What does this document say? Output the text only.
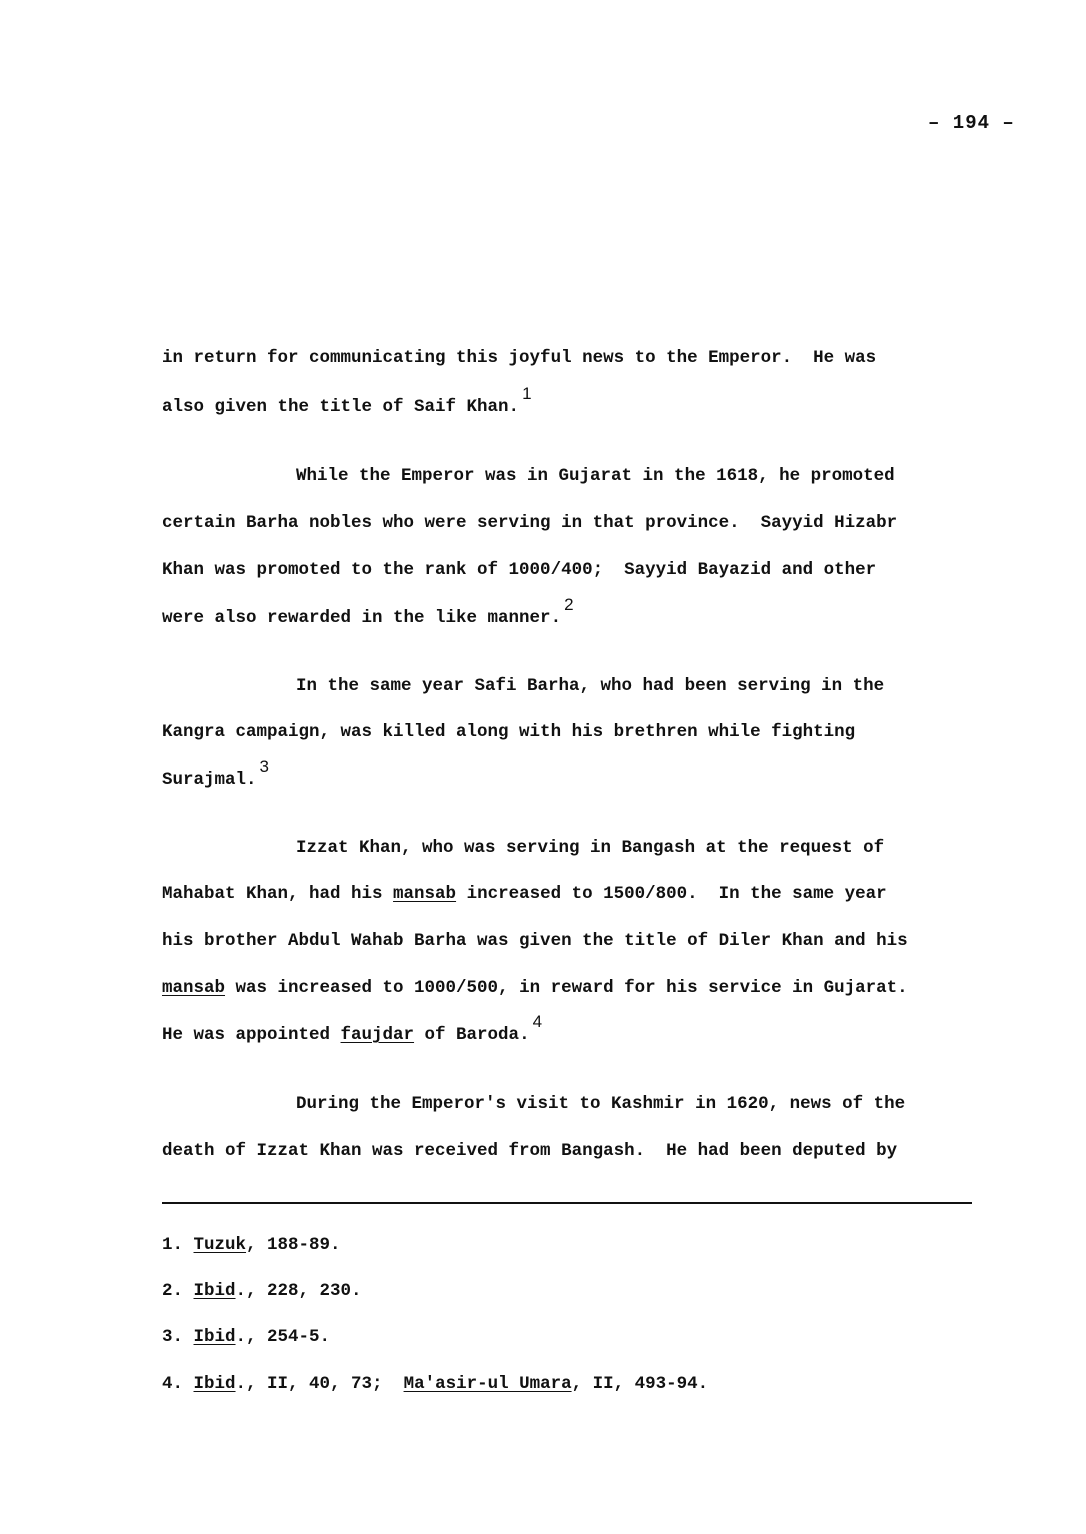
– 194 –
in return for communicating this joyful news to the Emperor.  He was
also given the title of Saif Khan.1
While the Emperor was in Gujarat in the 1618, he promoted
certain Barha nobles who were serving in that province.  Sayyid Hizabr
Khan was promoted to the rank of 1000/400;  Sayyid Bayazid and other
were also rewarded in the like manner.2
In the same year Safi Barha, who had been serving in the
Kangra campaign, was killed along with his brethren while fighting
Surajmal.3
Izzat Khan, who was serving in Bangash at the request of
Mahabat Khan, had his mansab increased to 1500/800.  In the same year
his brother Abdul Wahab Barha was given the title of Diler Khan and his
mansab was increased to 1000/500, in reward for his service in Gujarat.
He was appointed faujdar of Baroda.4
During the Emperor's visit to Kashmir in 1620, news of the
death of Izzat Khan was received from Bangash.  He had been deputed by
1. Tuzuk, 188-89.
2. Ibid., 228, 230.
3. Ibid., 254-5.
4. Ibid., II, 40, 73;  Ma'asir-ul Umara, II, 493-94.
